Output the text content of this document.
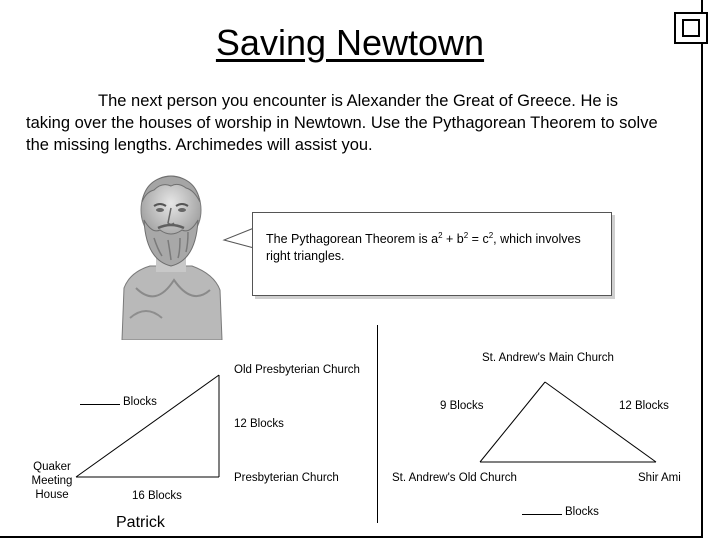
Saving Newtown
The next person you encounter is Alexander the Great of Greece. He is taking over the houses of worship in Newtown. Use the Pythagorean Theorem to solve the missing lengths. Archimedes will assist you.
The Pythagorean Theorem is $a^2 + b^2 = c^2$, which involves right triangles.
Old Presbyterian Church
Blocks
12 Blocks
Quaker Meeting House
Presbyterian Church
16 Blocks
Patrick
St. Andrew's Main Church
9 Blocks	12 Blocks
St. Andrew's Old Church	Shir Ami
Blocks
